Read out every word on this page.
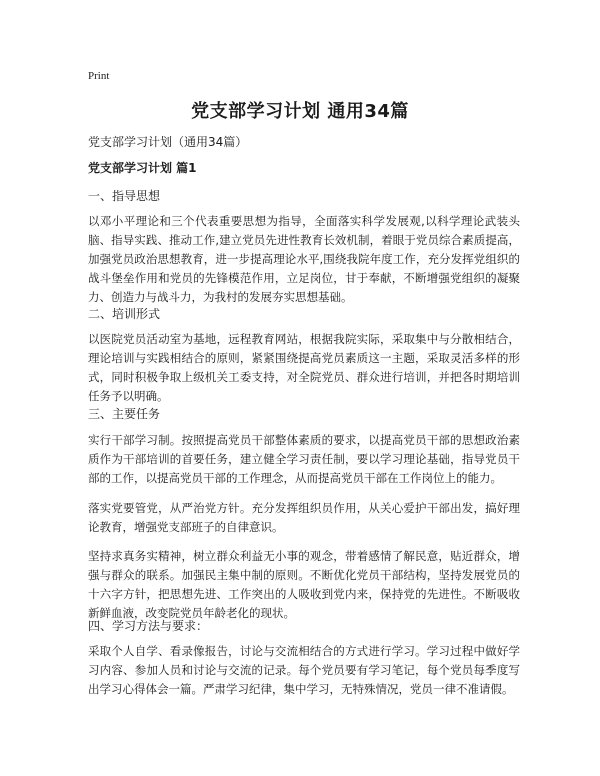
Print
党支部学习计划 通用34篇

党支部学习计划（通用34篇）

党支部学习计划 篇1

一、指导思想

以邓小平理论和三个代表重要思想为指导，全面落实科学发展观,以科学理论武装头脑、指导实践、推动工作,建立党员先进性教育长效机制，着眼于党员综合素质提高，加强党员政治思想教育，进一步提高理论水平,围绕我院年度工作，充分发挥党组织的战斗堡垒作用和党员的先锋模范作用，立足岗位，甘于奉献，不断增强党组织的凝聚力、创造力与战斗力，为我村的发展夯实思想基础。

二、培训形式

以医院党员活动室为基地，远程教育网站，根据我院实际，采取集中与分散相结合，理论培训与实践相结合的原则，紧紧围绕提高党员素质这一主题，采取灵活多样的形式，同时积极争取上级机关工委支持，对全院党员、群众进行培训，并把各时期培训任务予以明确。

三、主要任务

实行干部学习制。按照提高党员干部整体素质的要求，以提高党员干部的思想政治素质作为干部培训的首要任务，建立健全学习责任制，要以学习理论基础，指导党员干部的工作，以提高党员干部的工作理念，从而提高党员干部在工作岗位上的能力。

落实党要管党，从严治党方针。充分发挥组织员作用，从关心爱护干部出发，搞好理论教育，增强党支部班子的自律意识。

坚持求真务实精神，树立群众利益无小事的观念，带着感情了解民意，贴近群众，增强与群众的联系。加强民主集中制的原则。不断优化党员干部结构，坚持发展党员的十六字方针，把思想先进、工作突出的人吸收到党内来，保持党的先进性。不断吸收新鲜血液，改变院党员年龄老化的现状。

四、学习方法与要求：

采取个人自学、看录像报告，讨论与交流相结合的方式进行学习。学习过程中做好学习内容、参加人员和讨论与交流的记录。每个党员要有学习笔记，每个党员每季度写出学习心得体会一篇。严肃学习纪律，集中学习，无特殊情况，党员一律不准请假。
